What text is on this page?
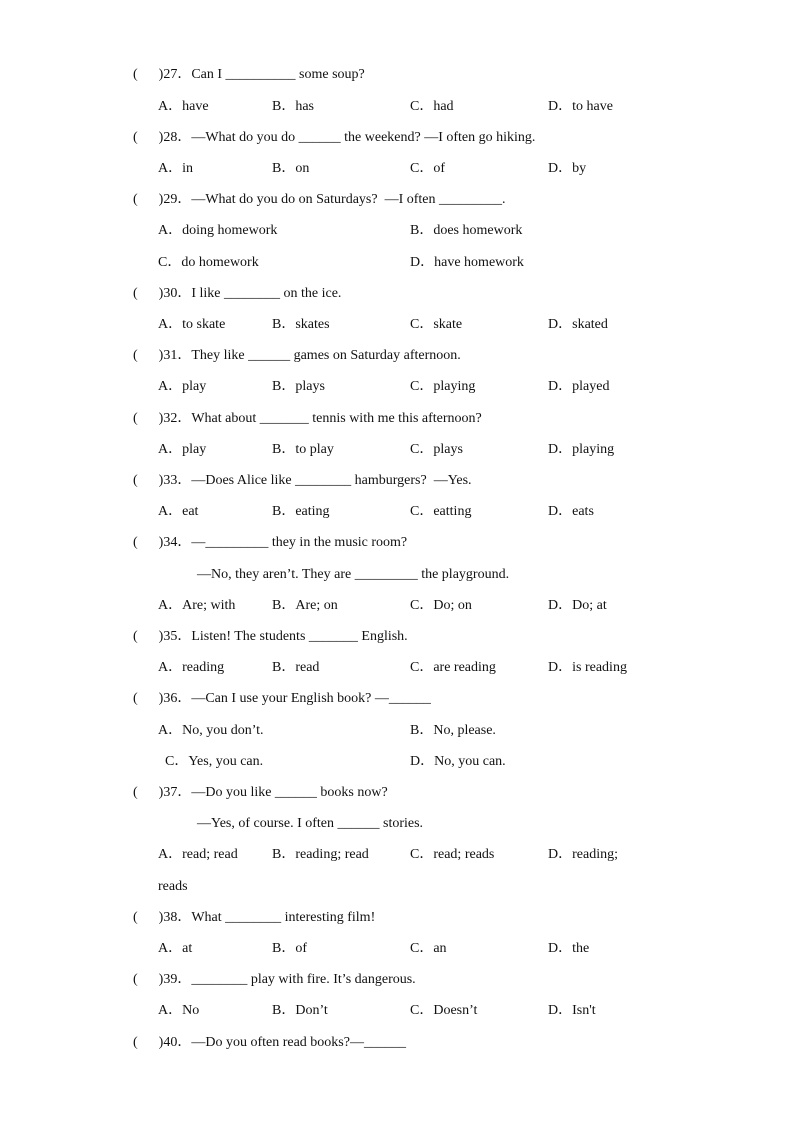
(      )27．Can I __________ some soup?
A．have	B．has	C．had	D．to have
(      )28．—What do you do ______ the weekend? —I often go hiking.
A．in	B．on	C．of	D．by
(      )29．—What do you do on Saturdays?  —I often _________.
A．doing homework	B．does homework
C．do homework	D．have homework
(      )30．I like ________ on the ice.
A．to skate	B．skates	C．skate	D．skated
(      )31．They like ______ games on Saturday afternoon.
A．play	B．plays	C．playing	D．played
(      )32．What about _______ tennis with me this afternoon?
A．play	B．to play	C．plays	D．playing
(      )33．—Does Alice like ________ hamburgers?  —Yes.
A．eat	B．eating	C．eatting	D．eats
(      )34．—_________ they in the music room?
—No, they aren’t. They are _________ the playground.
A．Are; with	B．Are; on	C．Do; on	D．Do; at
(      )35．Listen! The students _______ English.
A．reading	B．read	C．are reading	D．is reading
(      )36．—Can I use your English book? —______
A．No, you don’t.	B．No, please.
C．Yes, you can.	D．No, you can.
(      )37．—Do you like ______ books now?
—Yes, of course. I often ______ stories.
A．read; read B．reading; read	C．read; reads	D．reading;
reads
(      )38．What ________ interesting film!
A．at	B．of	C．an	D．the
(      )39．________ play with fire. It’s dangerous.
A．No	B．Don’t	C．Doesn’t	D．Isn't
(      )40．—Do you often read books?—______
